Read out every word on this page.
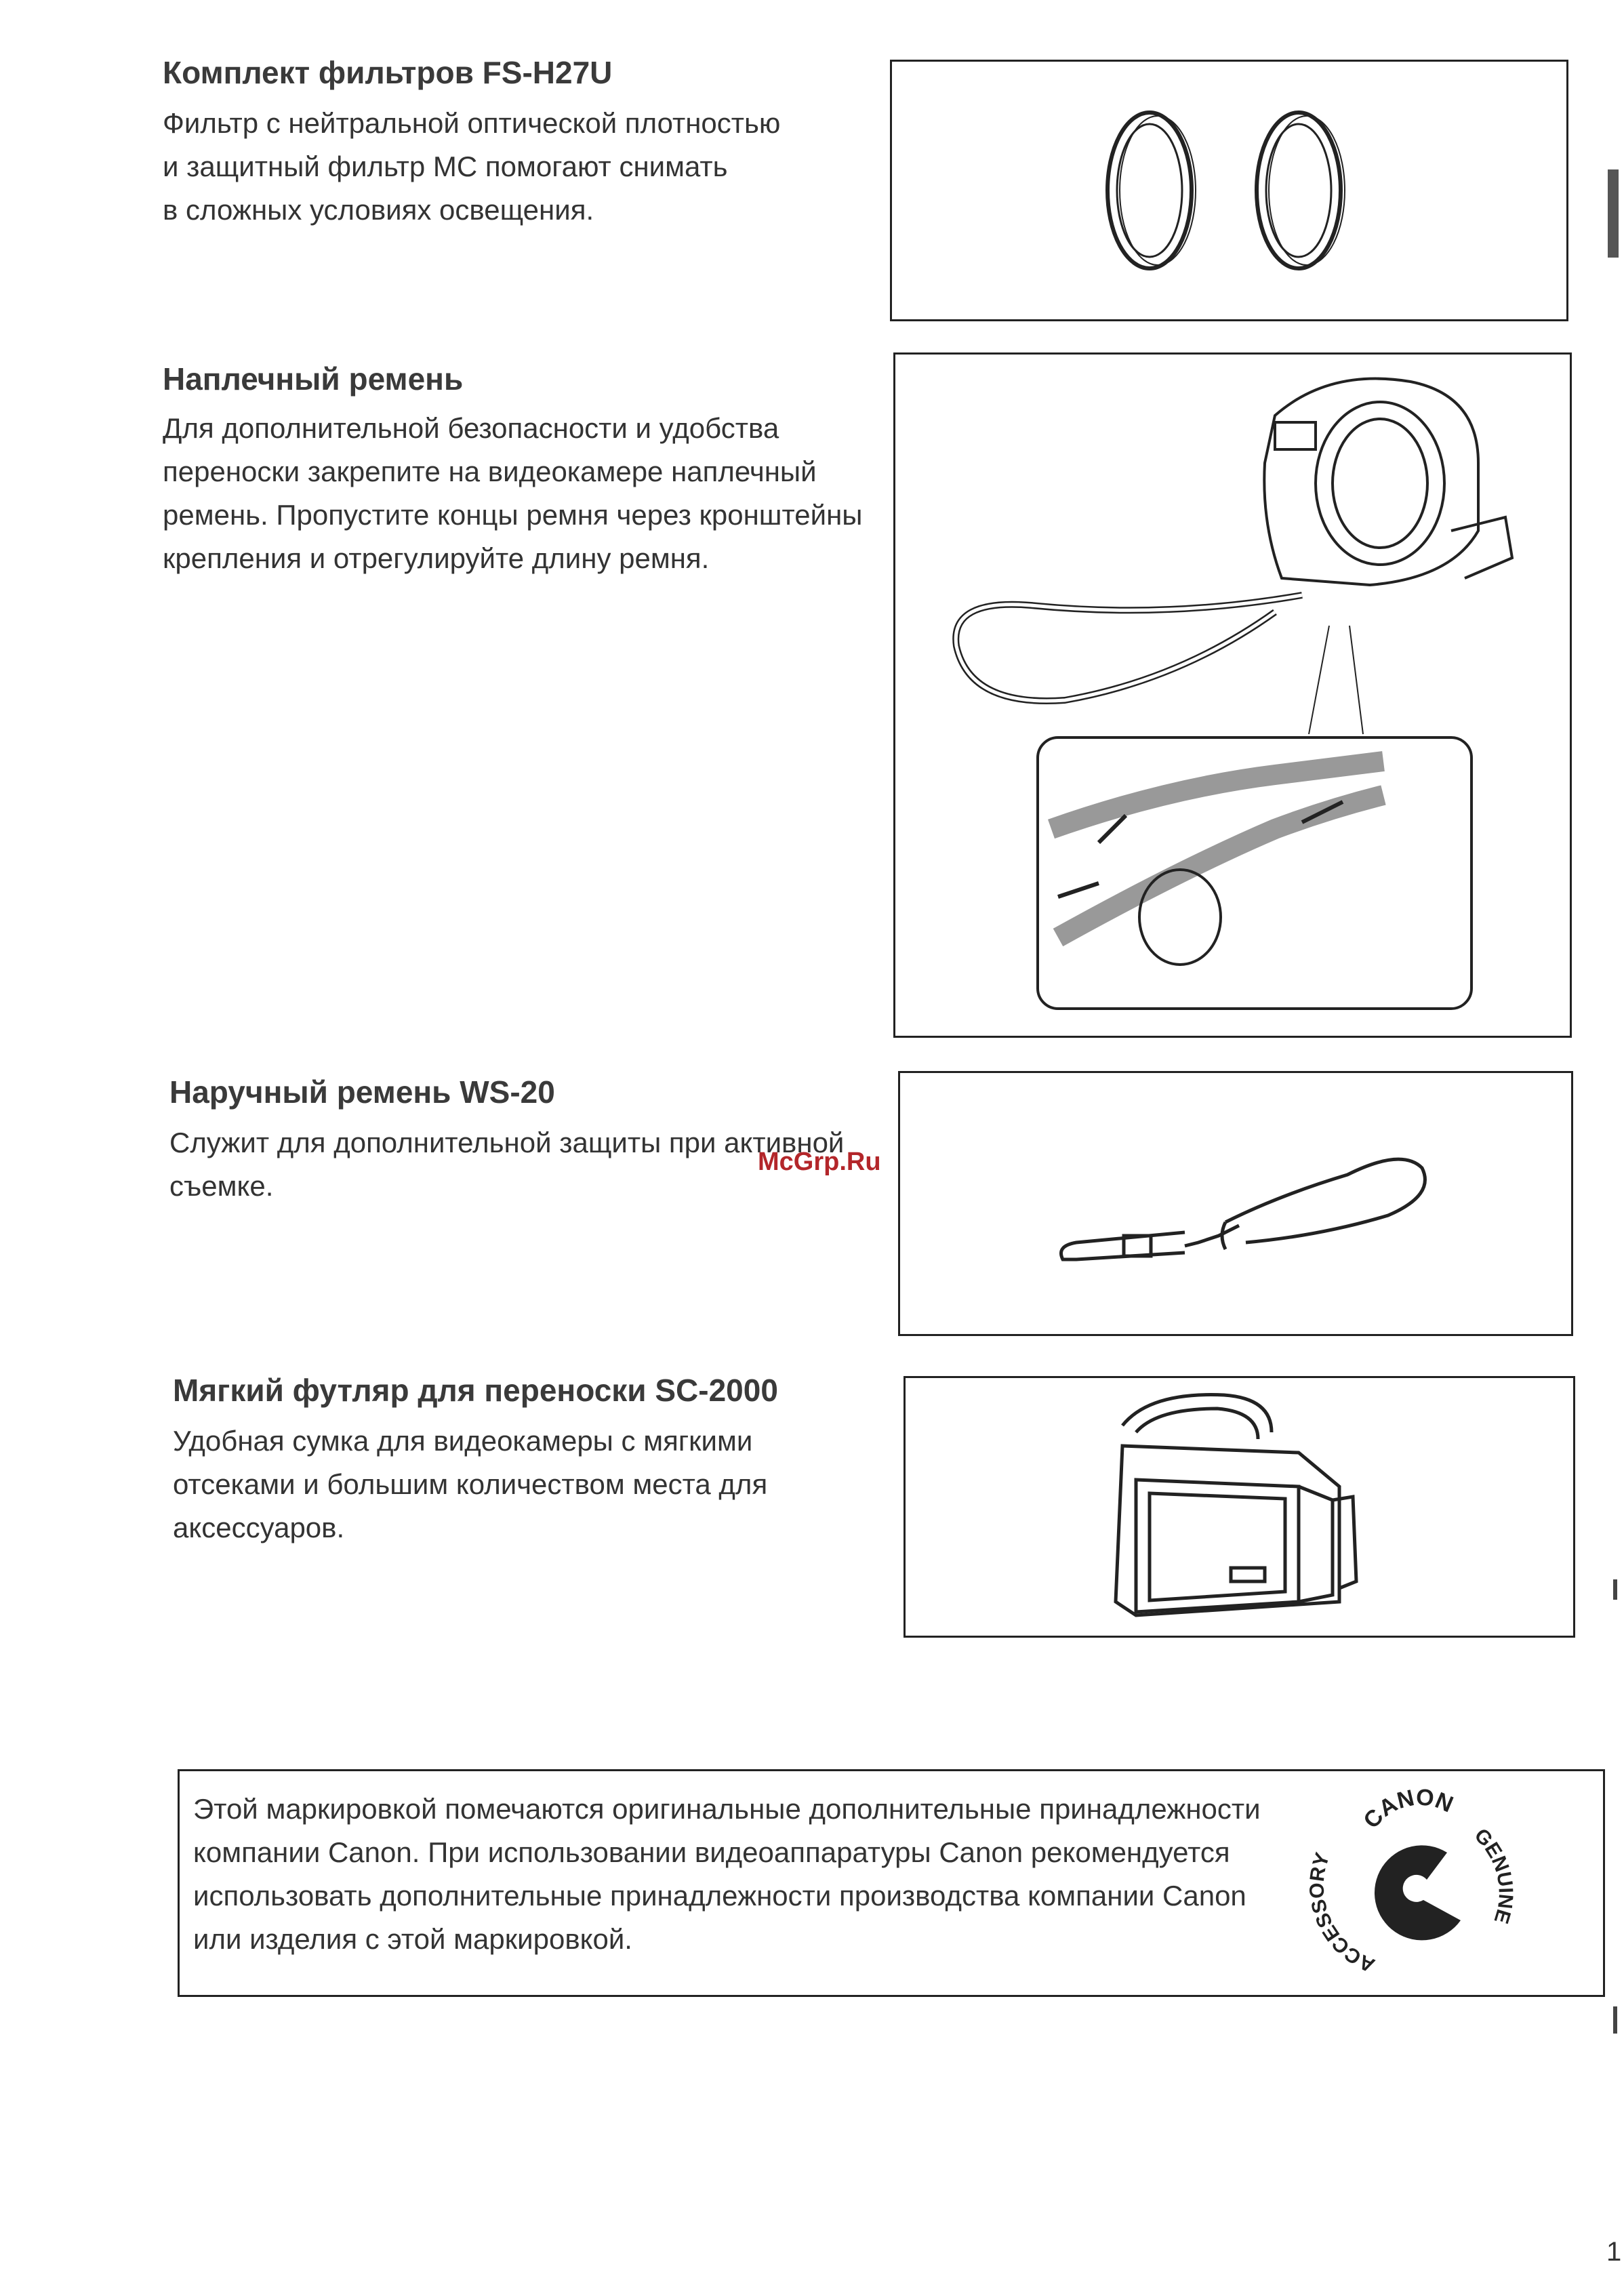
Комплект фильтров FS-H27U
Фильтр с нейтральной оптической плотностью
и защитный фильтр MC помогают снимать
в сложных условиях освещения.
Наплечный ремень
Для дополнительной безопасности и удобства
переноски закрепите на видеокамере наплечный
ремень. Пропустите концы ремня через кронштейны
крепления и отрегулируйте длину ремня.
Наручный ремень WS-20
Служит для дополнительной защиты при активной
съемке.
Мягкий футляр для переноски SC-2000
Удобная сумка для видеокамеры с мягкими
отсеками и большим количеством места для
аксессуаров.
Этой маркировкой помечаются оригинальные дополнительные принадлежности
компании Canon. При использовании видеоаппаратуры Canon рекомендуется
использовать дополнительные принадлежности производства компании Canon
или изделия с этой маркировкой.
CANON
GENUINE
ACCESSORY
McGrp.Ru
1
